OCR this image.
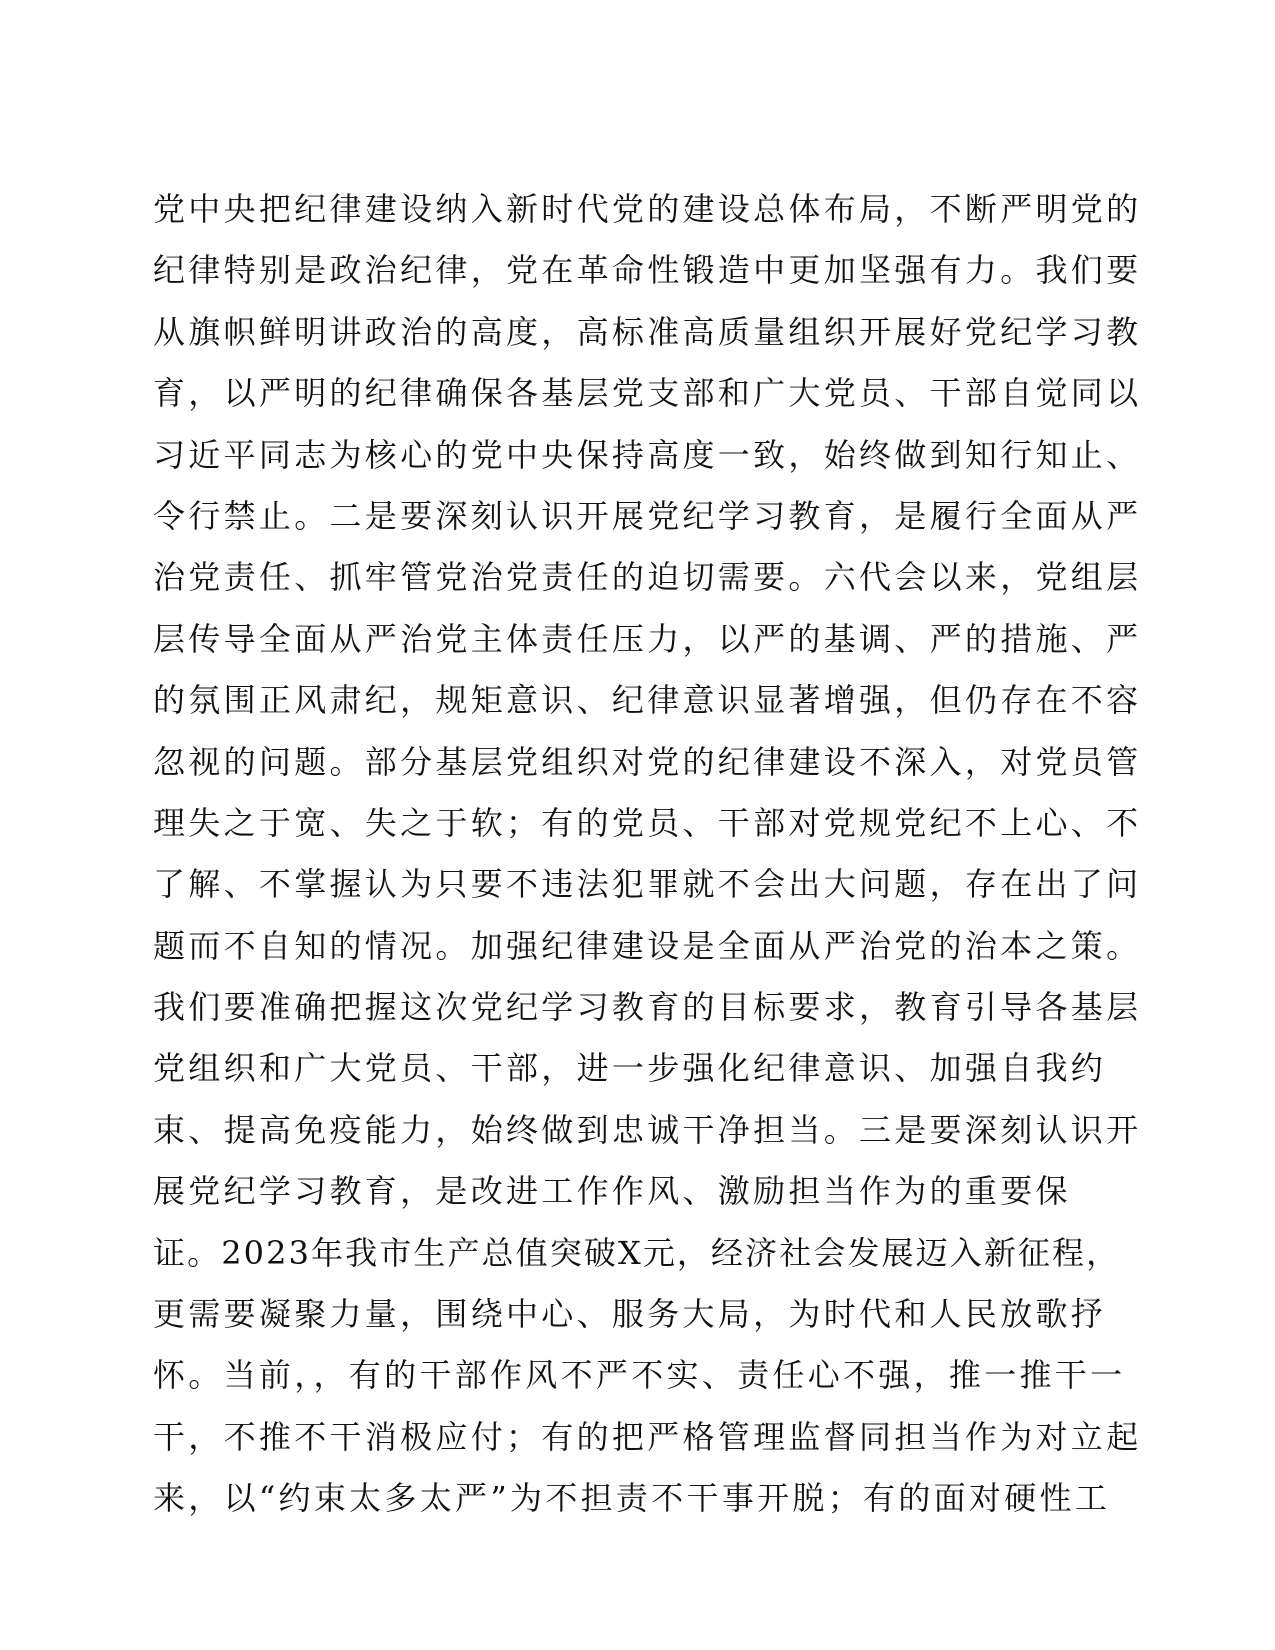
党中央把纪律建设纳入新时代党的建设总体布局，不断严明党的
纪律特别是政治纪律，党在革命性锻造中更加坚强有力。我们要
从旗帜鲜明讲政治的高度，高标准高质量组织开展好党纪学习教
育，以严明的纪律确保各基层党支部和广大党员、干部自觉同以
习近平同志为核心的党中央保持高度一致，始终做到知行知止、
令行禁止。二是要深刻认识开展党纪学习教育，是履行全面从严
治党责任、抓牢管党治党责任的迫切需要。六代会以来，党组层
层传导全面从严治党主体责任压力，以严的基调、严的措施、严
的氛围正风肃纪，规矩意识、纪律意识显著增强，但仍存在不容
忽视的问题。部分基层党组织对党的纪律建设不深入，对党员管
理失之于宽、失之于软；有的党员、干部对党规党纪不上心、不
了解、不掌握认为只要不违法犯罪就不会出大问题，存在出了问
题而不自知的情况。加强纪律建设是全面从严治党的治本之策。
我们要准确把握这次党纪学习教育的目标要求，教育引导各基层
党组织和广大党员、干部，进一步强化纪律意识、加强自我约
束、提高免疫能力，始终做到忠诚干净担当。三是要深刻认识开
展党纪学习教育，是改进工作作风、激励担当作为的重要保
证。2023年我市生产总值突破X元，经济社会发展迈入新征程，
更需要凝聚力量，围绕中心、服务大局，为时代和人民放歌抒
怀。当前，，有的干部作风不严不实、责任心不强，推一推干一
干，不推不干消极应付；有的把严格管理监督同担当作为对立起
来，以“约束太多太严”为不担责不干事开脱；有的面对硬性工
